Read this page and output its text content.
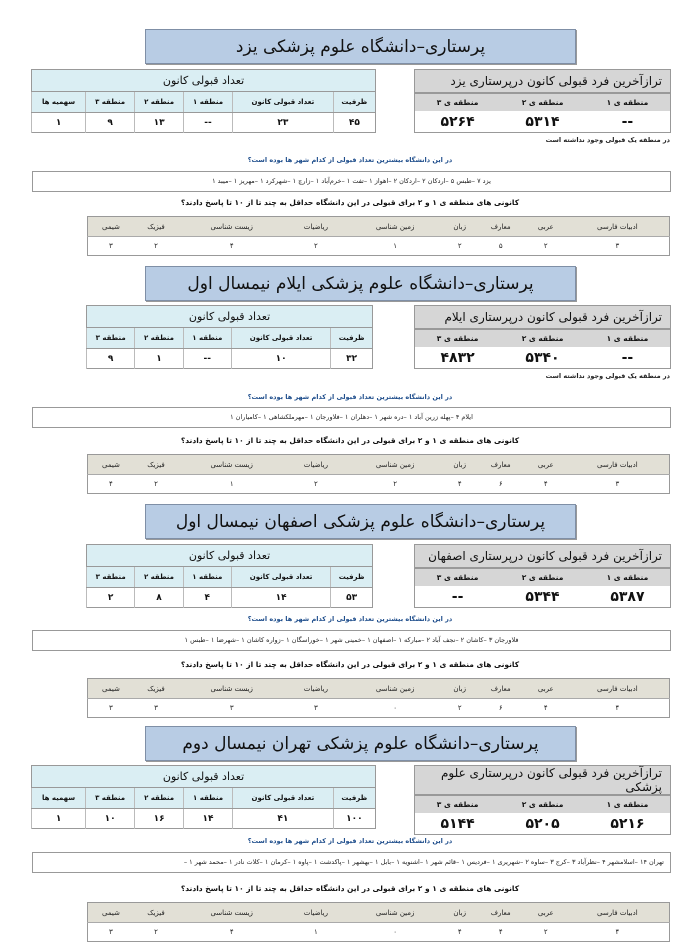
پرستاری–دانشگاه علوم پزشکی یزد
ترازآخرین فرد قبولی کانون درپرستاری یزد		
منطقه ی ۱	منطقه ی ۲	منطقه ی ۳
--	۵۳۱۴	۵۲۶۴
تعداد قبولی کانون					
ظرفیت	تعداد قبولی کانون	منطقه ۱	منطقه ۲	منطقه ۳	سهمیه ها
۴۵	۲۳	--	۱۳	۹	۱
در منطقه یک قبولی وجود نداشته است
در این دانشگاه بیشترین تعداد قبولی از کدام شهر ها بوده است؟
یزد ۷ –طبس ۵ –اردکان ۲ –اردکان ۲ –اهواز ۱ –تفت ۱ –خرم‌آباد ۱ –زارچ ۱ –شهرکرد ۱ –مهریز ۱ –میبد ۱
کانونی های منطقه ی ۱ و ۲ برای قبولی در این دانشگاه حداقل به چند تا از ۱۰ تا پاسخ دادند؟
ادبیات فارسی	عربی	معارف	زبان	زمین شناسی	ریاضیات	زیست شناسی	فیزیک	شیمی
۳	۲	۵	۲	۱	۲	۴	۲	۳
پرستاری–دانشگاه علوم پزشکی ایلام نیمسال اول
ترازآخرین فرد قبولی کانون درپرستاری ایلام		
منطقه ی ۱	منطقه ی ۲	منطقه ی ۳
--	۵۳۴۰	۴۸۳۲
تعداد قبولی کانون				
ظرفیت	تعداد قبولی کانون	منطقه ۱	منطقه ۲	منطقه ۳
۳۲	۱۰	--	۱	۹
در منطقه یک قبولی وجود نداشته است
در این دانشگاه بیشترین تعداد قبولی از کدام شهر ها بوده است؟
ایلام ۴ –پهله زرین آباد ۱ –دره شهر ۱ –دهلران ۱ –فلاورجان ۱ –مهرملکشاهی ۱ –کامیاران ۱
کانونی های منطقه ی ۱ و ۲ برای قبولی در این دانشگاه حداقل به چند تا از ۱۰ تا پاسخ دادند؟
ادبیات فارسی	عربی	معارف	زبان	زمین شناسی	ریاضیات	زیست شناسی	فیزیک	شیمی
۳	۴	۶	۴	۲	۲	۱	۲	۴
پرستاری–دانشگاه علوم پزشکی اصفهان نیمسال اول
ترازآخرین فرد قبولی کانون درپرستاری اصفهان		
منطقه ی ۱	منطقه ی ۲	منطقه ی ۳
۵۳۸۷	۵۳۴۴	--
تعداد قبولی کانون				
ظرفیت	تعداد قبولی کانون	منطقه ۱	منطقه ۲	منطقه ۳
۵۳	۱۴	۴	۸	۲
در این دانشگاه بیشترین تعداد قبولی از کدام شهر ها بوده است؟
فلاورجان ۳ –کاشان ۲ –نجف آباد ۲ –مبارکه ۱ –اصفهان ۱ –خمینی شهر ۱ –خوراسگان ۱ –زواره کاشان ۱ –شهرضا ۱ –طبس ۱
کانونی های منطقه ی ۱ و ۲ برای قبولی در این دانشگاه حداقل به چند تا از ۱۰ تا پاسخ دادند؟
ادبیات فارسی	عربی	معارف	زبان	زمین شناسی	ریاضیات	زیست شناسی	فیزیک	شیمی
۴	۴	۶	۲	۰	۳	۳	۳	۳
پرستاری–دانشگاه علوم پزشکی تهران نیمسال دوم
ترازآخرین فرد قبولی کانون درپرستاری علوم پزشکی		
منطقه ی ۱	منطقه ی ۲	منطقه ی ۳
۵۲۱۶	۵۲۰۵	۵۱۴۴
تعداد قبولی کانون					
ظرفیت	تعداد قبولی کانون	منطقه ۱	منطقه ۲	منطقه ۳	سهمیه ها
۱۰۰	۴۱	۱۴	۱۶	۱۰	۱
در این دانشگاه بیشترین تعداد قبولی از کدام شهر ها بوده است؟
تهران ۱۴ –اسلامشهر ۴ –نظرآباد ۳ –کرج ۳ –ساوه ۲ –شهریری ۱ –فردیس ۱ –قائم شهر ۱ –اشنویه ۱ –بابل ۱ –بهشهر ۱ –پاکدشت ۱ –پاوه ۱ –کرمان ۱ –کلات نادر ۱ –محمد شهر ۱ –
کانونی های منطقه ی ۱ و ۲ برای قبولی در این دانشگاه حداقل به چند تا از ۱۰ تا پاسخ دادند؟
ادبیات فارسی	عربی	معارف	زبان	زمین شناسی	ریاضیات	زیست شناسی	فیزیک	شیمی
۴	۲	۴	۴	۰	۱	۴	۲	۳
